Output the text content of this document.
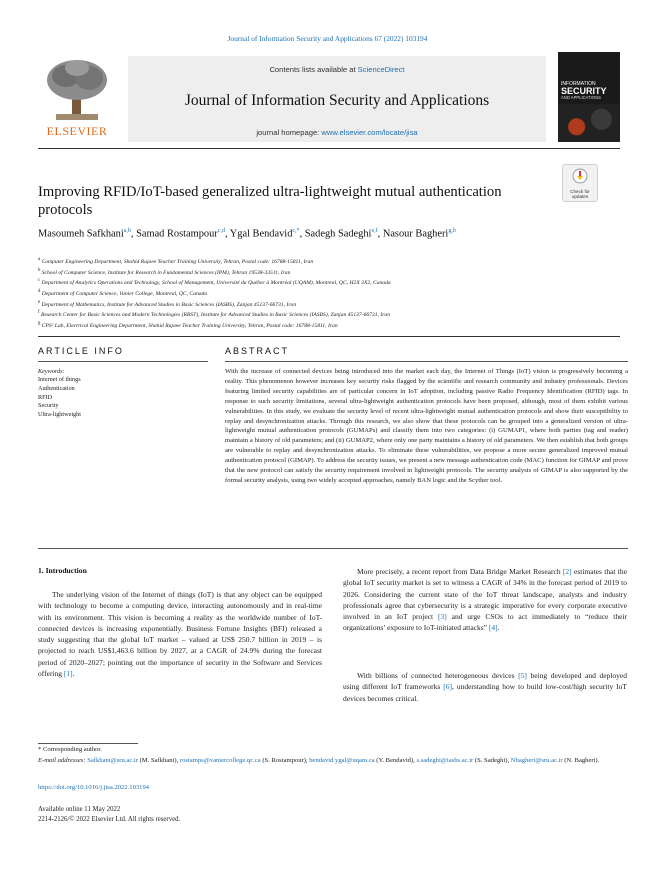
Journal of Information Security and Applications 67 (2022) 103194
ELSEVIER
Contents lists available at ScienceDirect
Journal of Information Security and Applications
journal homepage: www.elsevier.com/locate/jisa
INFORMATION
SECURITY
AND APPLICATIONS
Improving RFID/IoT-based generalized ultra-lightweight mutual authentication protocols
Check for updates
Masoumeh Safkhani$^{a,b}$, Samad Rostampour$^{c,d}$, Ygal Bendavid$^{c,*}$, Sadegh Sadeghi$^{e,f}$, Nasour Bagheri$^{g,b}$
$^a$ Computer Engineering Department, Shahid Rajaee Teacher Training University, Tehran, Postal code: 16788-15811, Iran
$^b$ School of Computer Science, Institute for Research in Fundamental Sciences (IPM), Tehran 19538-33511, Iran
$^c$ Department of Analytics Operations and Technology, School of Management, Université du Québec à Montréal (UQAM), Montreal, QC, H2X 3X2, Canada
$^d$ Department of Computer Science, Vanier College, Montreal, QC, Canada
$^e$ Department of Mathematics, Institute for Advanced Studies in Basic Sciences (IASBS), Zanjan 45137-66731, Iran
$^f$ Research Center for Basic Sciences and Modern Technologies (RBST), Institute for Advanced Studies in Basic Sciences (IASBS), Zanjan 45137-66731, Iran
$^g$ CPS² Lab, Electrical Engineering Department, Shahid Rajaee Teacher Training University, Tehran, Postal code: 16788-15811, Iran
ARTICLE INFO
Keywords:
Internet of things
Authentication
RFID
Security
Ultra-lightweight
ABSTRACT
With the increase of connected devices being introduced into the market each day, the Internet of Things (IoT) vision is progressively becoming a reality. This phenomenon however increases key security risks flagged by the scientific and research community and industry professionals. Devices featuring limited security capabilities are of particular concern in IoT adoption, including passive Radio Frequency Identification (RFID) tags. In response to such security limitations, several ultra-lightweight authentication protocols have been proposed, although, most of them exhibit various vulnerabilities. In this study, we evaluate the security level of recent ultra-lightweight mutual authentication protocols and show their susceptibility to replay and desynchronization attacks. Through this research, we also show that these protocols can be grouped into a generalized version of ultra-lightweight mutual authentication protocols (GUMAPs) and classify them into two categories: (i) GUMAP1, where both parties (tag and reader) maintain a history of old parameters; and (ii) GUMAP2, where only one party maintains a history of old parameters. We then establish that both groups are vulnerable to replay and desynchronization attacks. To eliminate these vulnerabilities, we propose a more secure generalized improved mutual authentication protocol (GIMAP). To address the security issues, we present a new message authentication code (MAC) function for GIMAP and prove that the new protocol can satisfy the security requirement involved in lightweight protocols. The security analysis of GIMAP is also supported by the formal security analysis, using two widely accepted approaches, namely BAN logic and the Scyther tool.
1. Introduction
The underlying vision of the Internet of things (IoT) is that any object can be equipped with technology to become a computing device, interacting autonomously and in real-time with its environment. This vision is becoming a reality as the worldwide number of IoT-connected devices is increasing exponentially. Business Fortune Insights (BFI) released a study suggesting that the global IoT market – valued at US$ 250.7 billion in 2019 – is projected to reach US$1,463.6 billion by 2027, at a CAGR of 24.9% during the forecast period of 2020–2027; pointing out the importance of security in the Software and Services offering [1].
More precisely, a recent report from Data Bridge Market Research [2] estimates that the global IoT security market is set to witness a CAGR of 34% in the forecast period of 2019 to 2026. Considering the current state of the IoT threat landscape, analysts and industry professionals agree that cybersecurity is a strategic imperative for every corporate executive involved in an IoT project [3] and urge CSOs to act immediately to “reduce their organizations’ exposure to IoT-initiated attacks” [4].
With billions of connected heterogeneous devices [5] being developed and deployed using different IoT frameworks [6], understanding how to build low-cost/high security IoT devices becomes critical.
* Corresponding author.
E-mail addresses: Safkhani@sru.ac.ir (M. Safkhani), rostamps@vaniercollege.qc.ca (S. Rostampour), bendavid.ygal@uqam.ca (Y. Bendavid), s.sadeghi@iasbs.ac.ir (S. Sadeghi), Nbagheri@sru.ac.ir (N. Bagheri).
https://doi.org/10.1016/j.jisa.2022.103194
Available online 11 May 2022
2214-2126/© 2022 Elsevier Ltd. All rights reserved.
